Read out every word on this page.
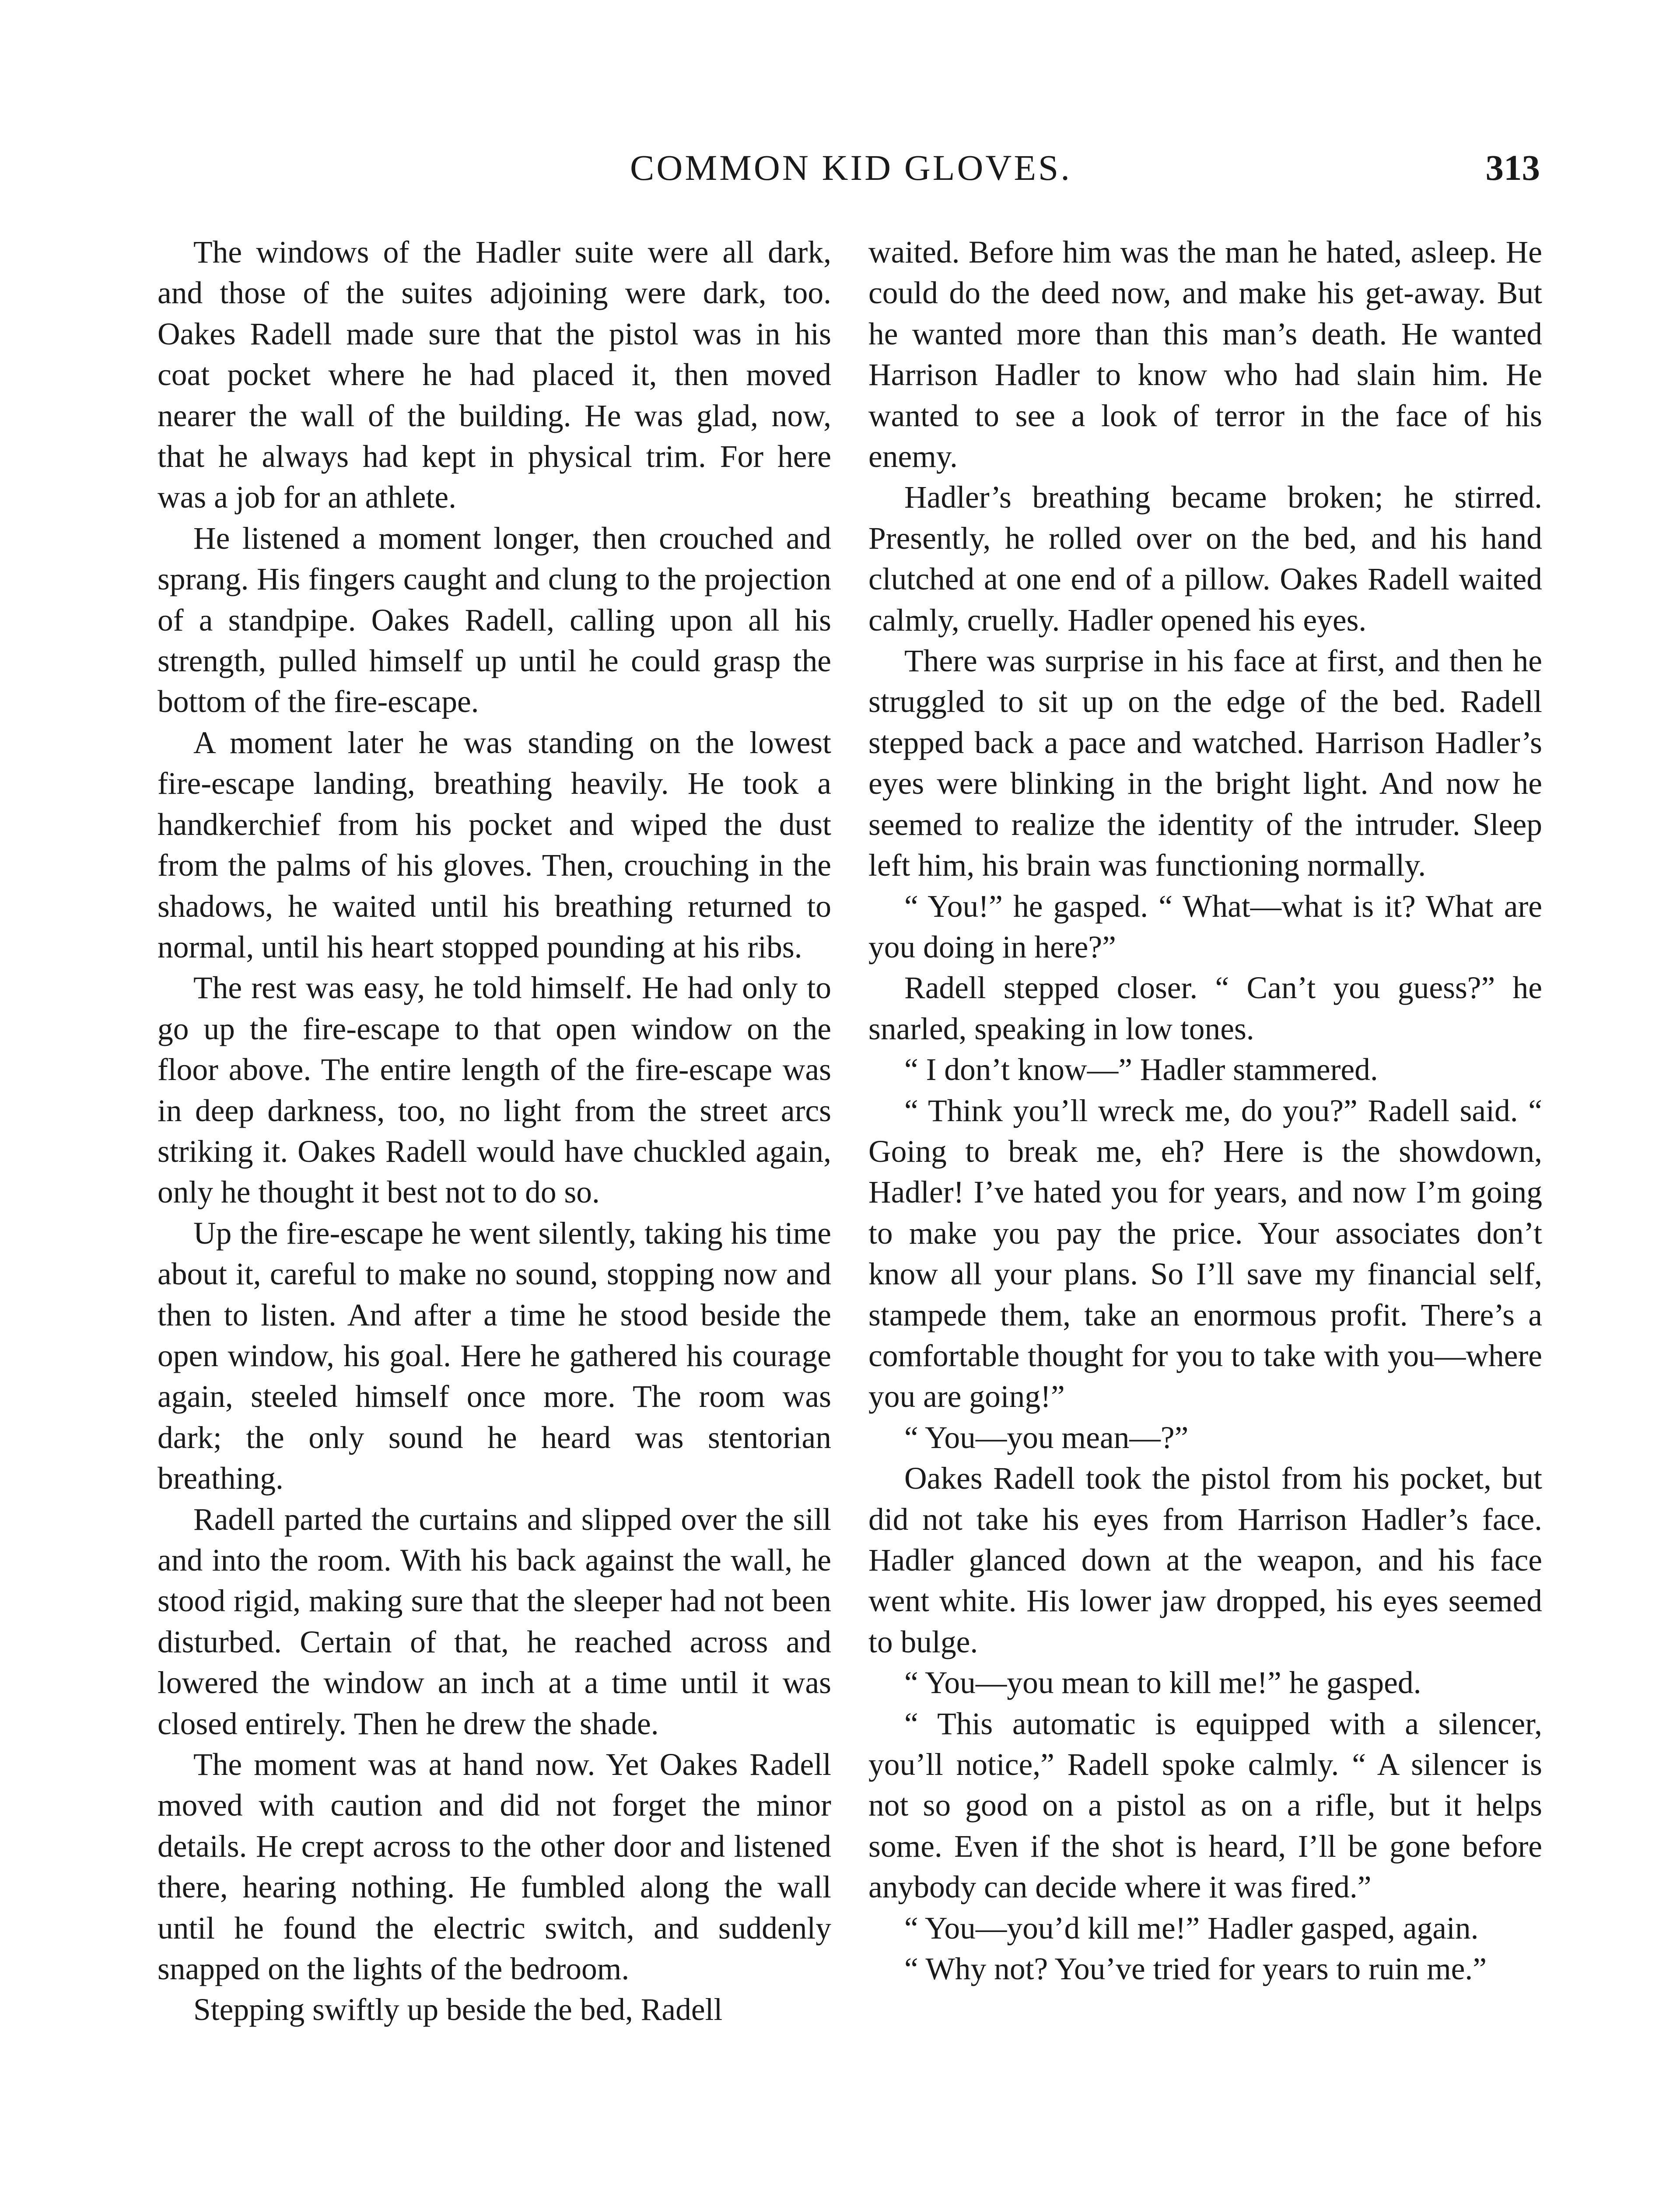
COMMON KID GLOVES.	313

The windows of the Hadler suite were all dark, and those of the suites adjoining were dark, too. Oakes Radell made sure that the pistol was in his coat pocket where he had placed it, then moved nearer the wall of the building. He was glad, now, that he always had kept in physical trim. For here was a job for an athlete.

He listened a moment longer, then crouched and sprang. His fingers caught and clung to the projection of a standpipe. Oakes Radell, calling upon all his strength, pulled himself up until he could grasp the bottom of the fire-escape.

A moment later he was standing on the lowest fire-escape landing, breathing heavily. He took a handkerchief from his pocket and wiped the dust from the palms of his gloves. Then, crouching in the shadows, he waited until his breathing returned to normal, until his heart stopped pounding at his ribs.

The rest was easy, he told himself. He had only to go up the fire-escape to that open window on the floor above. The entire length of the fire-escape was in deep darkness, too, no light from the street arcs striking it. Oakes Radell would have chuckled again, only he thought it best not to do so.

Up the fire-escape he went silently, taking his time about it, careful to make no sound, stopping now and then to listen. And after a time he stood beside the open window, his goal. Here he gathered his courage again, steeled himself once more. The room was dark; the only sound he heard was stentorian breathing.

Radell parted the curtains and slipped over the sill and into the room. With his back against the wall, he stood rigid, making sure that the sleeper had not been disturbed. Certain of that, he reached across and lowered the window an inch at a time until it was closed entirely. Then he drew the shade.

The moment was at hand now. Yet Oakes Radell moved with caution and did not forget the minor details. He crept across to the other door and listened there, hearing nothing. He fumbled along the wall until he found the electric switch, and suddenly snapped on the lights of the bedroom.

Stepping swiftly up beside the bed, Radell

waited. Before him was the man he hated, asleep. He could do the deed now, and make his get-away. But he wanted more than this man’s death. He wanted Harrison Hadler to know who had slain him. He wanted to see a look of terror in the face of his enemy.

Hadler’s breathing became broken; he stirred. Presently, he rolled over on the bed, and his hand clutched at one end of a pillow. Oakes Radell waited calmly, cruelly. Hadler opened his eyes.

There was surprise in his face at first, and then he struggled to sit up on the edge of the bed. Radell stepped back a pace and watched. Harrison Hadler’s eyes were blinking in the bright light. And now he seemed to realize the identity of the intruder. Sleep left him, his brain was functioning normally.

“ You!” he gasped. “ What—what is it? What are you doing in here?”

Radell stepped closer. “ Can’t you guess?” he snarled, speaking in low tones.

“ I don’t know—” Hadler stammered.

“ Think you’ll wreck me, do you?” Radell said. “ Going to break me, eh? Here is the showdown, Hadler! I’ve hated you for years, and now I’m going to make you pay the price. Your associates don’t know all your plans. So I’ll save my financial self, stampede them, take an enormous profit. There’s a comfortable thought for you to take with you—where you are going!”

“ You—you mean—?”

Oakes Radell took the pistol from his pocket, but did not take his eyes from Harrison Hadler’s face. Hadler glanced down at the weapon, and his face went white. His lower jaw dropped, his eyes seemed to bulge.

“ You—you mean to kill me!” he gasped.

“ This automatic is equipped with a silencer, you’ll notice,” Radell spoke calmly. “ A silencer is not so good on a pistol as on a rifle, but it helps some. Even if the shot is heard, I’ll be gone before anybody can decide where it was fired.”

“ You—you’d kill me!” Hadler gasped, again.

“ Why not? You’ve tried for years to ruin me.”
